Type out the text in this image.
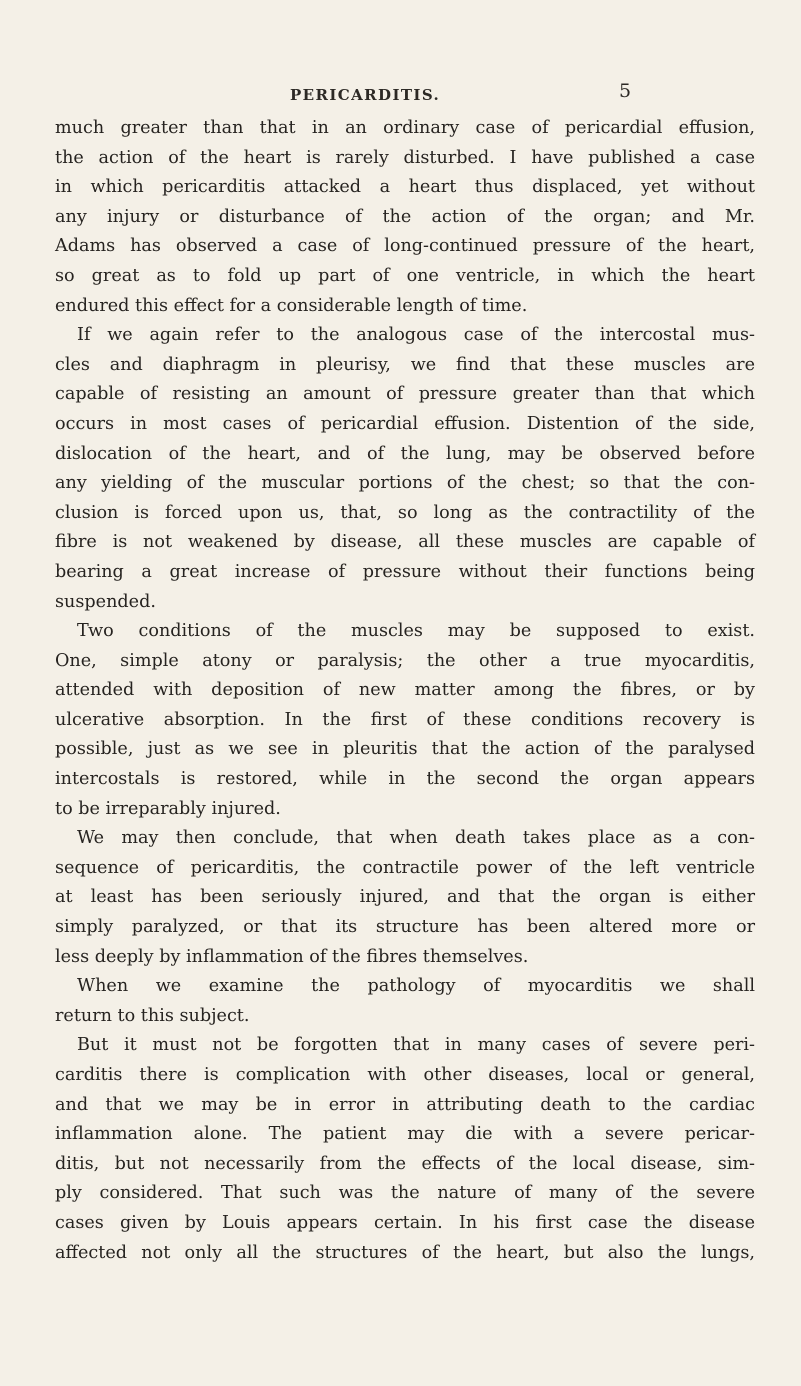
PERICARDITIS.	5
much greater than that in an ordinary case of pericardial effusion,
the action of the heart is rarely disturbed. I have published a case
in which pericarditis attacked a heart thus displaced, yet without
any injury or disturbance of the action of the organ; and Mr.
Adams has observed a case of long-continued pressure of the heart,
so great as to fold up part of one ventricle, in which the heart
endured this effect for a considerable length of time.
If we again refer to the analogous case of the intercostal mus-
cles and diaphragm in pleurisy, we find that these muscles are
capable of resisting an amount of pressure greater than that which
occurs in most cases of pericardial effusion. Distention of the side,
dislocation of the heart, and of the lung, may be observed before
any yielding of the muscular portions of the chest; so that the con-
clusion is forced upon us, that, so long as the contractility of the
fibre is not weakened by disease, all these muscles are capable of
bearing a great increase of pressure without their functions being
suspended.
Two conditions of the muscles may be supposed to exist.
One, simple atony or paralysis; the other a true myocarditis,
attended with deposition of new matter among the fibres, or by
ulcerative absorption. In the first of these conditions recovery is
possible, just as we see in pleuritis that the action of the paralysed
intercostals is restored, while in the second the organ appears
to be irreparably injured.
We may then conclude, that when death takes place as a con-
sequence of pericarditis, the contractile power of the left ventricle
at least has been seriously injured, and that the organ is either
simply paralyzed, or that its structure has been altered more or
less deeply by inflammation of the fibres themselves.
When we examine the pathology of myocarditis we shall
return to this subject.
But it must not be forgotten that in many cases of severe peri-
carditis there is complication with other diseases, local or general,
and that we may be in error in attributing death to the cardiac
inflammation alone. The patient may die with a severe pericar-
ditis, but not necessarily from the effects of the local disease, sim-
ply considered. That such was the nature of many of the severe
cases given by Louis appears certain. In his first case the disease
affected not only all the structures of the heart, but also the lungs,
